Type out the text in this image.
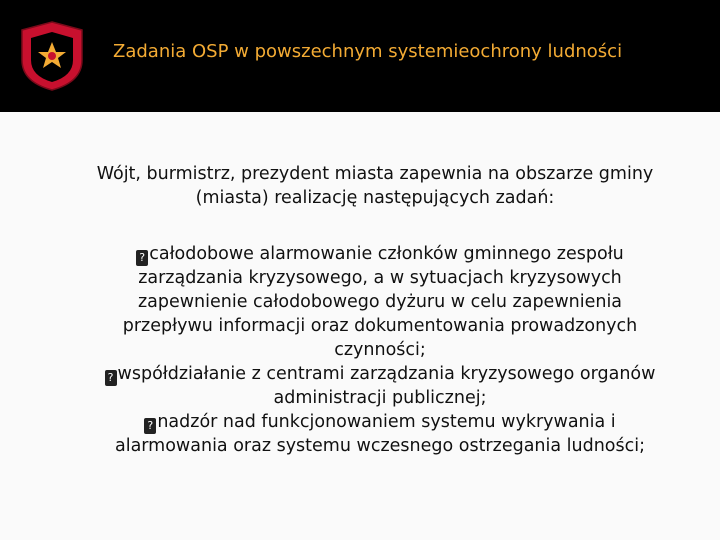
Zadania OSP w powszechnym systemieochrony ludności
Wójt, burmistrz, prezydent miasta zapewnia na obszarze gminy (miasta) realizację następujących zadań:

? całodobowe alarmowanie członków gminnego zespołu zarządzania kryzysowego, a w sytuacjach kryzysowych zapewnienie całodobowego dyżuru w celu zapewnienia przepływu informacji oraz dokumentowania prowadzonych czynności;

? współdziałanie z centrami zarządzania kryzysowego organów administracji publicznej;

? nadzór nad funkcjonowaniem systemu wykrywania i alarmowania oraz systemu wczesnego ostrzegania ludności;
